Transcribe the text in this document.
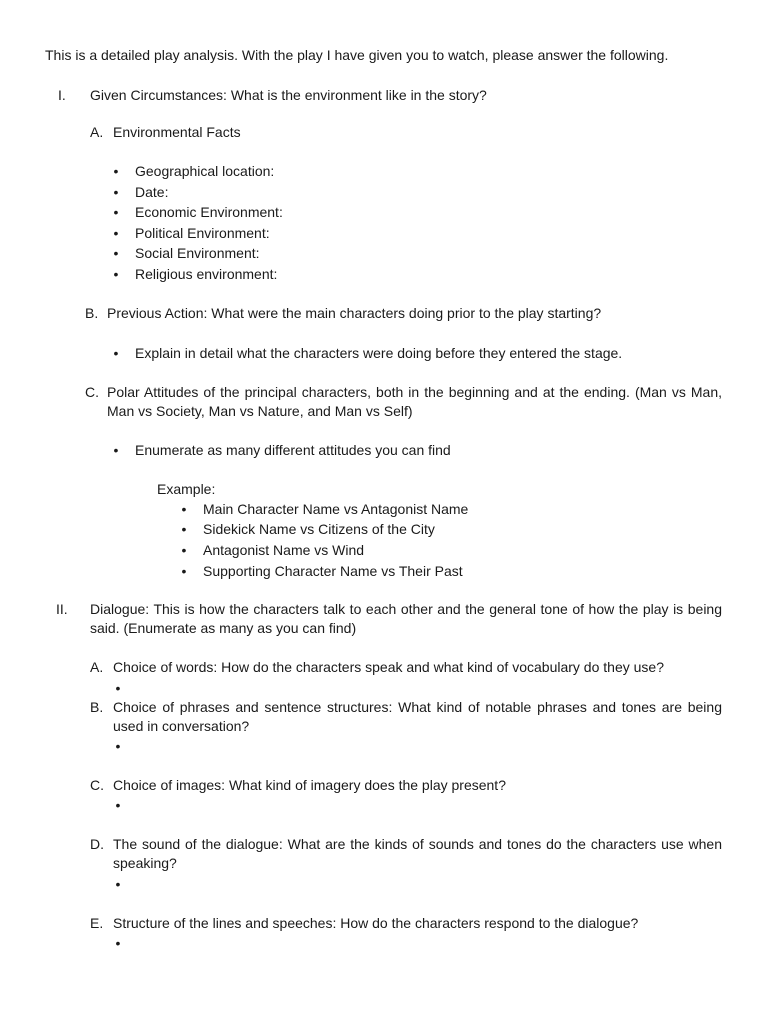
This is a detailed play analysis. With the play I have given you to watch, please answer the following.
I. Given Circumstances: What is the environment like in the story?
A. Environmental Facts
•
Geographical location:
•
Date:
•
Economic Environment:
•
Political Environment:
•
Social Environment:
•
Religious environment:
B. Previous Action: What were the main characters doing prior to the play starting?
•
Explain in detail what the characters were doing before they entered the stage.
C. Polar Attitudes of the principal characters, both in the beginning and at the ending. (Man vs Man, Man vs Society, Man vs Nature, and Man vs Self)
•
Enumerate as many different attitudes you can find
Example:
•
Main Character Name vs Antagonist Name
•
Sidekick Name vs Citizens of the City
•
Antagonist Name vs Wind
•
Supporting Character Name vs Their Past
II. Dialogue: This is how the characters talk to each other and the general tone of how the play is being said. (Enumerate as many as you can find)
A. Choice of words: How do the characters speak and what kind of vocabulary do they use?
•
B. Choice of phrases and sentence structures: What kind of notable phrases and tones are being used in conversation?
•
C. Choice of images: What kind of imagery does the play present?
•
D. The sound of the dialogue: What are the kinds of sounds and tones do the characters use when speaking?
•
E. Structure of the lines and speeches: How do the characters respond to the dialogue?
•
